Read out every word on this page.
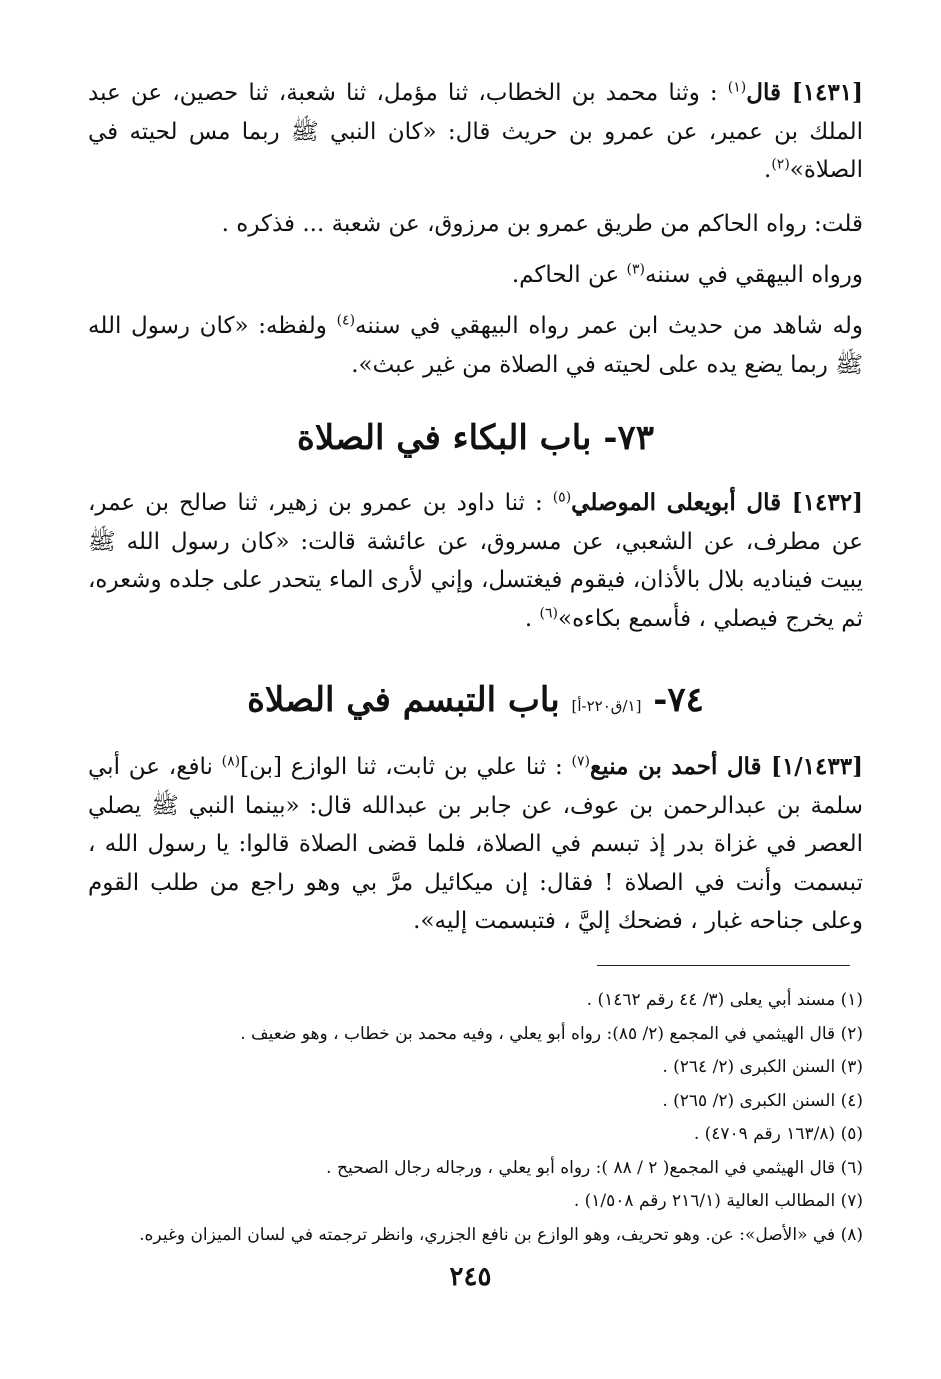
[١٤٣١] قال$^{(١)}$ : وثنا محمد بن الخطاب، ثنا مؤمل، ثنا شعبة، ثنا حصين، عن عبد الملك بن عمير، عن عمرو بن حريث قال: «كان النبي ﷺ ربما مس لحيته في الصلاة»$^{(٢)}$.

قلت: رواه الحاكم من طريق عمرو بن مرزوق، عن شعبة ... فذكره .

ورواه البيهقي في سننه$^{(٣)}$ عن الحاكم.

وله شاهد من حديث ابن عمر رواه البيهقي في سننه$^{(٤)}$ ولفظه: «كان رسول الله ﷺ ربما يضع يده على لحيته في الصلاة من غير عبث».

٧٣- باب البكاء في الصلاة

[١٤٣٢] قال أبويعلى الموصلي$^{(٥)}$ : ثنا داود بن عمرو بن زهير، ثنا صالح بن عمر، عن مطرف، عن الشعبي، عن مسروق، عن عائشة قالت: «كان رسول الله ﷺ يبيت فيناديه بلال بالأذان، فيقوم فيغتسل، وإني لأرى الماء يتحدر على جلده وشعره، ثم يخرج فيصلي ، فأسمع بكاءه»$^{(٦)}$ .

٧٤- [١/ق٢٢٠-أ] باب التبسم في الصلاة

[١/١٤٣٣] قال أحمد بن منيع$^{(٧)}$ : ثنا علي بن ثابت، ثنا الوازع [بن]$^{(٨)}$ نافع، عن أبي سلمة بن عبدالرحمن بن عوف، عن جابر بن عبدالله قال: «بينما النبي ﷺ يصلي العصر في غزاة بدر إذ تبسم في الصلاة، فلما قضى الصلاة قالوا: يا رسول الله ، تبسمت وأنت في الصلاة ! فقال: إن ميكائيل مرَّ بي وهو راجع من طلب القوم وعلى جناحه غبار ، فضحك إليَّ ، فتبسمت إليه».

(١) مسند أبي يعلى (٣/ ٤٤ رقم ١٤٦٢) .
(٢) قال الهيثمي في المجمع (٢/ ٨٥): رواه أبو يعلي ، وفيه محمد بن خطاب ، وهو ضعيف .
(٣) السنن الكبرى (٢/ ٢٦٤) .
(٤) السنن الكبرى (٢/ ٢٦٥) .
(٥) (١٦٣/٨ رقم ٤٧٠٩) .
(٦) قال الهيثمي في المجمع( ٢ / ٨٨ ): رواه أبو يعلي ، ورجاله رجال الصحيح .
(٧) المطالب العالية (٢١٦/١ رقم ١/٥٠٨) .
(٨) في «الأصل»: عن. وهو تحريف، وهو الوازع بن نافع الجزري، وانظر ترجمته في لسان الميزان وغيره.
٢٤٥
